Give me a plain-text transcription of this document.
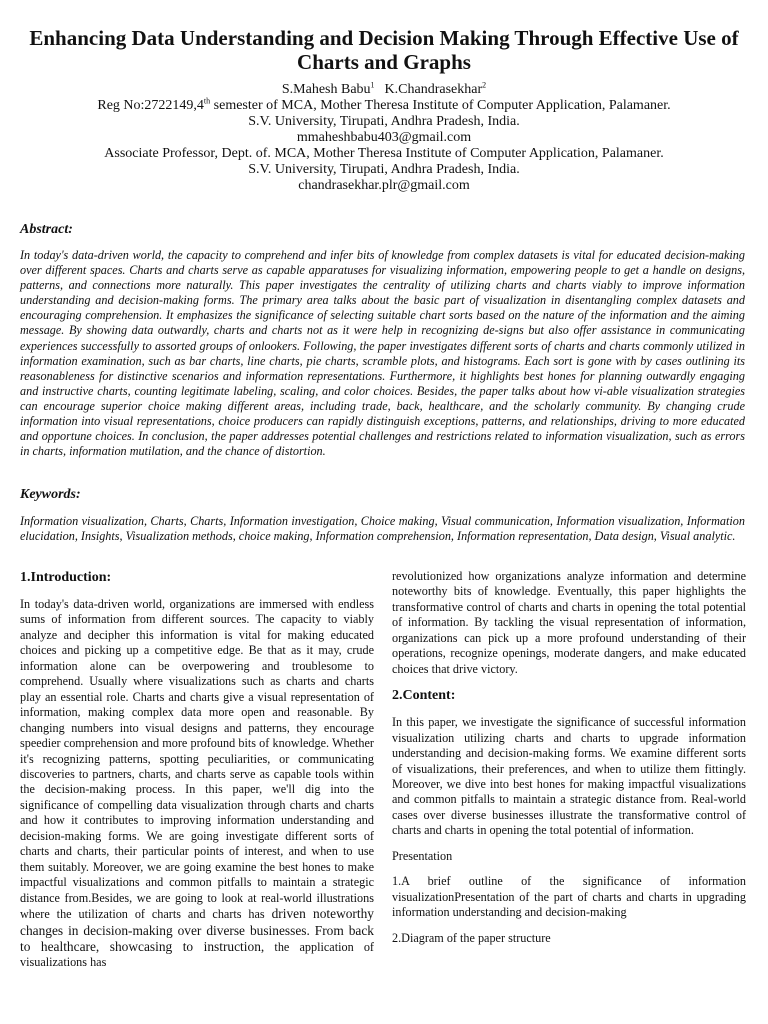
Enhancing Data Understanding and Decision Making Through Effective Use of Charts and Graphs
S.Mahesh Babu$^1$ K.Chandrasekhar$^2$
Reg No:2722149,4th semester of MCA, Mother Theresa Institute of Computer Application, Palamaner.
S.V. University, Tirupati, Andhra Pradesh, India.
mmaheshbabu403@gmail.com
Associate Professor, Dept. of. MCA, Mother Theresa Institute of Computer Application, Palamaner.
S.V. University, Tirupati, Andhra Pradesh, India.
chandrasekhar.plr@gmail.com
Abstract:
In today's data-driven world, the capacity to comprehend and infer bits of knowledge from complex datasets is vital for educated decision-making over different spaces. Charts and charts serve as capable apparatuses for visualizing information, empowering people to get a handle on designs, patterns, and connections more naturally. This paper investigates the centrality of utilizing charts and charts viably to improve information understanding and decision-making forms. The primary area talks about the basic part of visualization in disentangling complex datasets and encouraging comprehension. It emphasizes the significance of selecting suitable chart sorts based on the nature of the information and the aiming message. By showing data outwardly, charts and charts not as it were help in recognizing de-signs but also offer assistance in communicating experiences successfully to assorted groups of onlookers. Following, the paper investigates different sorts of charts and charts commonly utilized in information examination, such as bar charts, line charts, pie charts, scramble plots, and histograms. Each sort is gone with by cases outlining its reasonableness for distinctive scenarios and information representations. Furthermore, it highlights best hones for planning outwardly engaging and instructive charts, counting legitimate labeling, scaling, and color choices. Besides, the paper talks about how vi-able visualization strategies can encourage superior choice making different areas, including trade, back, healthcare, and the scholarly community. By changing crude information into visual representations, choice producers can rapidly distinguish exceptions, patterns, and relationships, driving to more educated and opportune choices. In conclusion, the paper addresses potential challenges and restrictions related to information visualization, such as errors in charts, information mutilation, and the chance of distortion.
Keywords:
Information visualization, Charts, Charts, Information investigation, Choice making, Visual communication, Information visualization, Information elucidation, Insights, Visualization methods, choice making, Information comprehension, Information representation, Data design, Visual analytic.
1.Introduction:

In today's data-driven world, organizations are immersed with endless sums of information from different sources. The capacity to viably analyze and decipher this information is vital for making educated choices and picking up a competitive edge. Be that as it may, crude information alone can be overpowering and troublesome to comprehend. Usually where visualizations such as charts and charts play an essential role. Charts and charts give a visual representation of information, making complex data more open and reasonable. By changing numbers into visual designs and patterns, they encourage speedier comprehension and more profound bits of knowledge. Whether it's recognizing patterns, spotting peculiarities, or communicating discoveries to partners, charts, and charts serve as capable tools within the decision-making process. In this paper, we'll dig into the significance of compelling data visualization through charts and charts and how it contributes to improving information understanding and decision-making forms. We are going investigate different sorts of charts and charts, their particular points of interest, and when to use them suitably. Moreover, we are going examine the best hones to make impactful visualizations and common pitfalls to maintain a strategic distance from.Besides, we are going to look at real-world illustrations where the utilization of charts and charts has driven noteworthy changes in decision-making over diverse businesses. From back to healthcare, showcasing to instruction, the application of visualizations has

revolutionized how organizations analyze information and determine noteworthy bits of knowledge. Eventually, this paper highlights the transformative control of charts and charts in opening the total potential of information. By tackling the visual representation of information, organizations can pick up a more profound understanding of their operations, recognize openings, moderate dangers, and make educated choices that drive victory.

2.Content:

In this paper, we investigate the significance of successful information visualization utilizing charts and charts to upgrade information understanding and decision-making forms. We examine different sorts of visualizations, their preferences, and when to utilize them fittingly. Moreover, we dive into best hones for making impactful visualizations and common pitfalls to maintain a strategic distance from. Real-world cases over diverse businesses illustrate the transformative control of charts and charts in opening the total potential of information.

Presentation

1.A brief outline of the significance of information visualizationPresentation of the part of charts and charts in upgrading information understanding and decision-making

2.Diagram of the paper structure
